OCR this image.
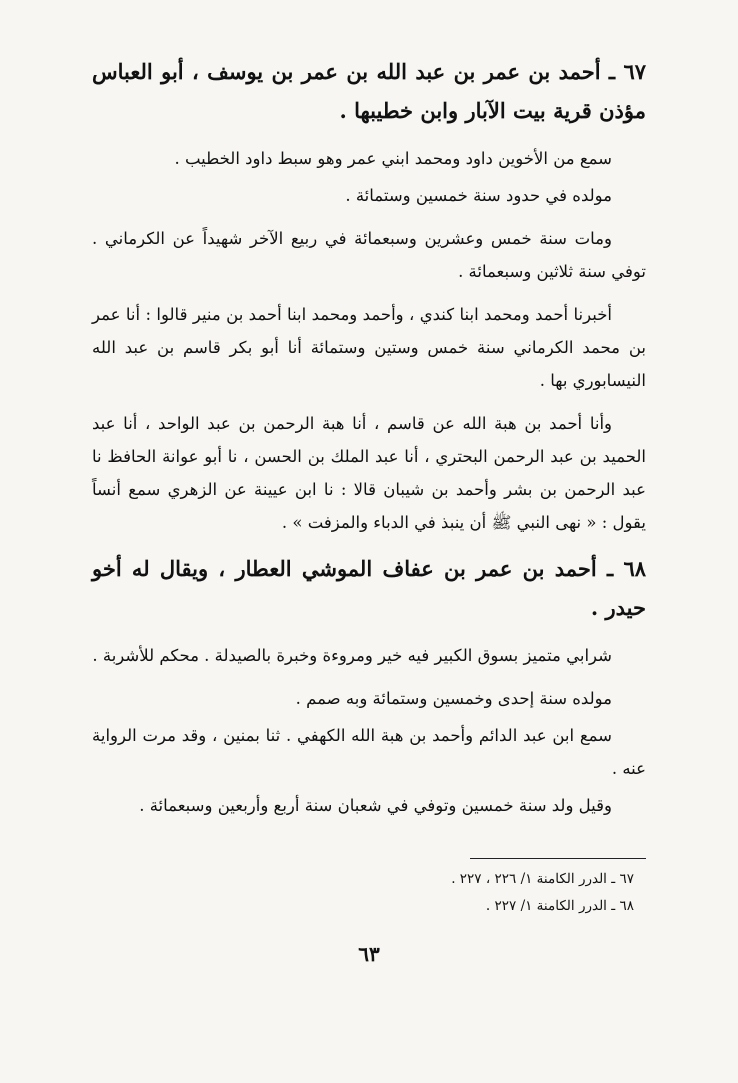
٦٧ ـ أحمد بن عمر بن عبد الله بن عمر بن يوسف ، أبو العباس مؤذن قرية بيت الآبار وابن خطيبها .

سمع من الأخوين داود ومحمد ابني عمر وهو سبط داود الخطيب .

مولده في حدود سنة خمسين وستمائة .

ومات سنة خمس وعشرين وسبعمائة في ربيع الآخر شهيداً عن الكرماني . توفي سنة ثلاثين وسبعمائة .

أخبرنا أحمد ومحمد ابنا كندي ، وأحمد ومحمد ابنا أحمد بن منير قالوا : أنا عمر بن محمد الكرماني سنة خمس وستين وستمائة أنا أبو بكر قاسم بن عبد الله النيسابوري بها .

وأنا أحمد بن هبة الله عن قاسم ، أنا هبة الرحمن بن عبد الواحد ، أنا عبد الحميد بن عبد الرحمن البحتري ، أنا عبد الملك بن الحسن ، نا أبو عوانة الحافظ نا عبد الرحمن بن بشر وأحمد بن شيبان قالا : نا ابن عيينة عن الزهري سمع أنساً يقول : « نهى النبي ﷺ أن ينبذ في الدباء والمزفت » .

٦٨ ـ أحمد بن عمر بن عفاف الموشي العطار ، ويقال له أخو حيدر .

شرابي متميز بسوق الكبير فيه خير ومروءة وخبرة بالصيدلة . محكم للأشربة .

مولده سنة إحدى وخمسين وستمائة وبه صمم .

سمع ابن عبد الدائم وأحمد بن هبة الله الكهفي . ثنا بمنين ، وقد مرت الرواية عنه .

وقيل ولد سنة خمسين وتوفي في شعبان سنة أربع وأربعين وسبعمائة .

٦٧ ـ الدرر الكامنة ١/ ٢٢٦ ، ٢٢٧ .
٦٨ ـ الدرر الكامنة ١/ ٢٢٧ .
٦٣
